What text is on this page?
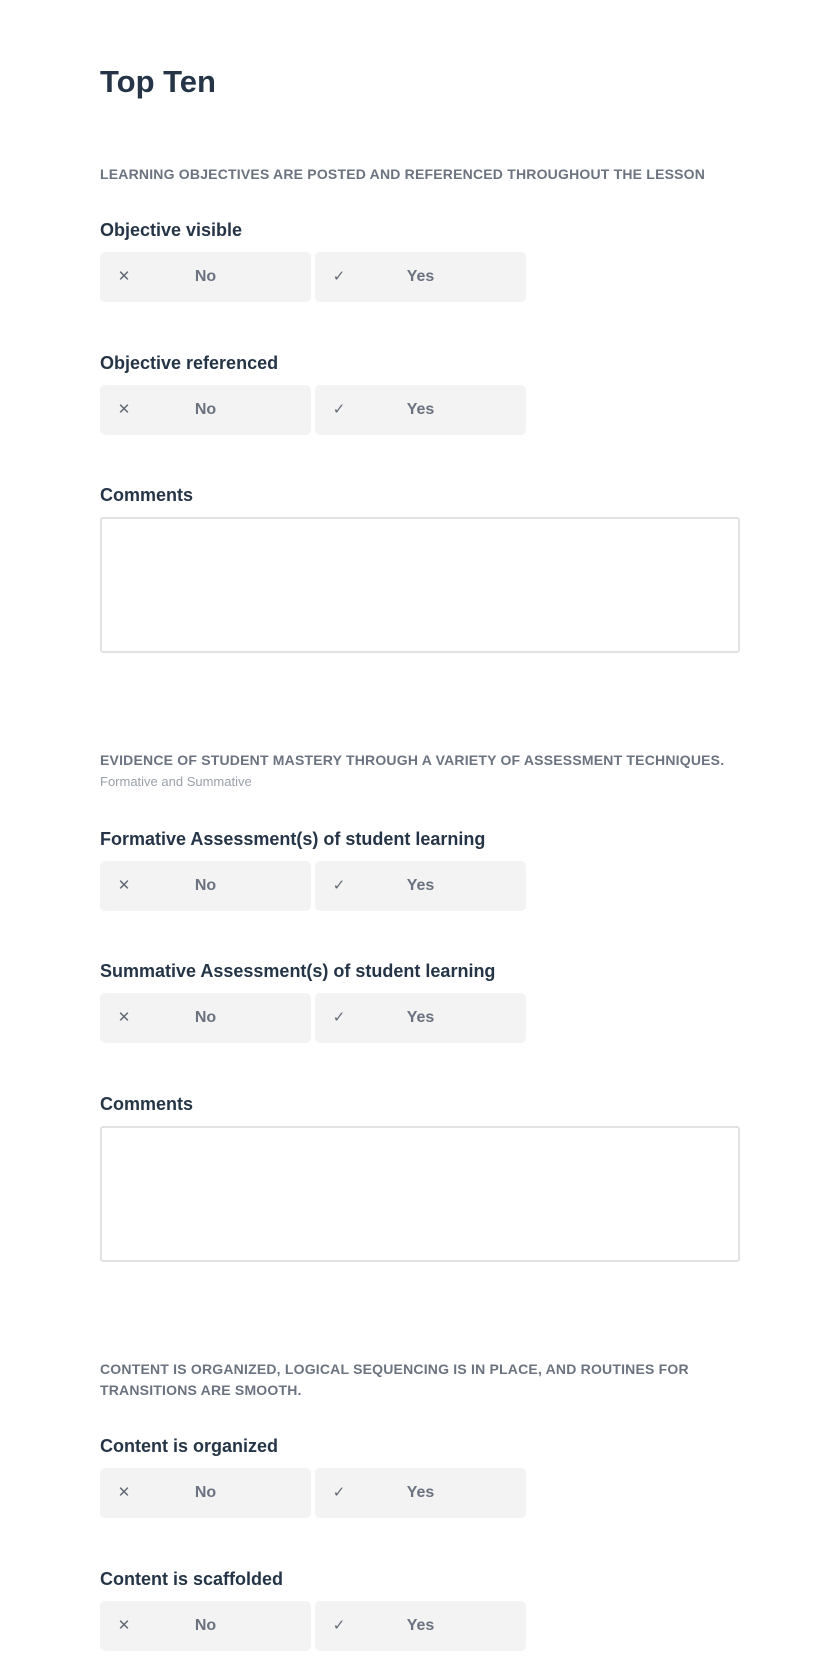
Top Ten

LEARNING OBJECTIVES ARE POSTED AND REFERENCED THROUGHOUT THE LESSON

Objective visible

✕	No	✓	Yes

Objective referenced

✕	No	✓	Yes

Comments

EVIDENCE OF STUDENT MASTERY THROUGH A VARIETY OF ASSESSMENT TECHNIQUES.

Formative and Summative

Formative Assessment(s) of student learning

✕	No	✓	Yes

Summative Assessment(s) of student learning

✕	No	✓	Yes

Comments

CONTENT IS ORGANIZED, LOGICAL SEQUENCING IS IN PLACE, AND ROUTINES FOR TRANSITIONS ARE SMOOTH.

Content is organized

✕	No	✓	Yes

Content is scaffolded

✕	No	✓	Yes
